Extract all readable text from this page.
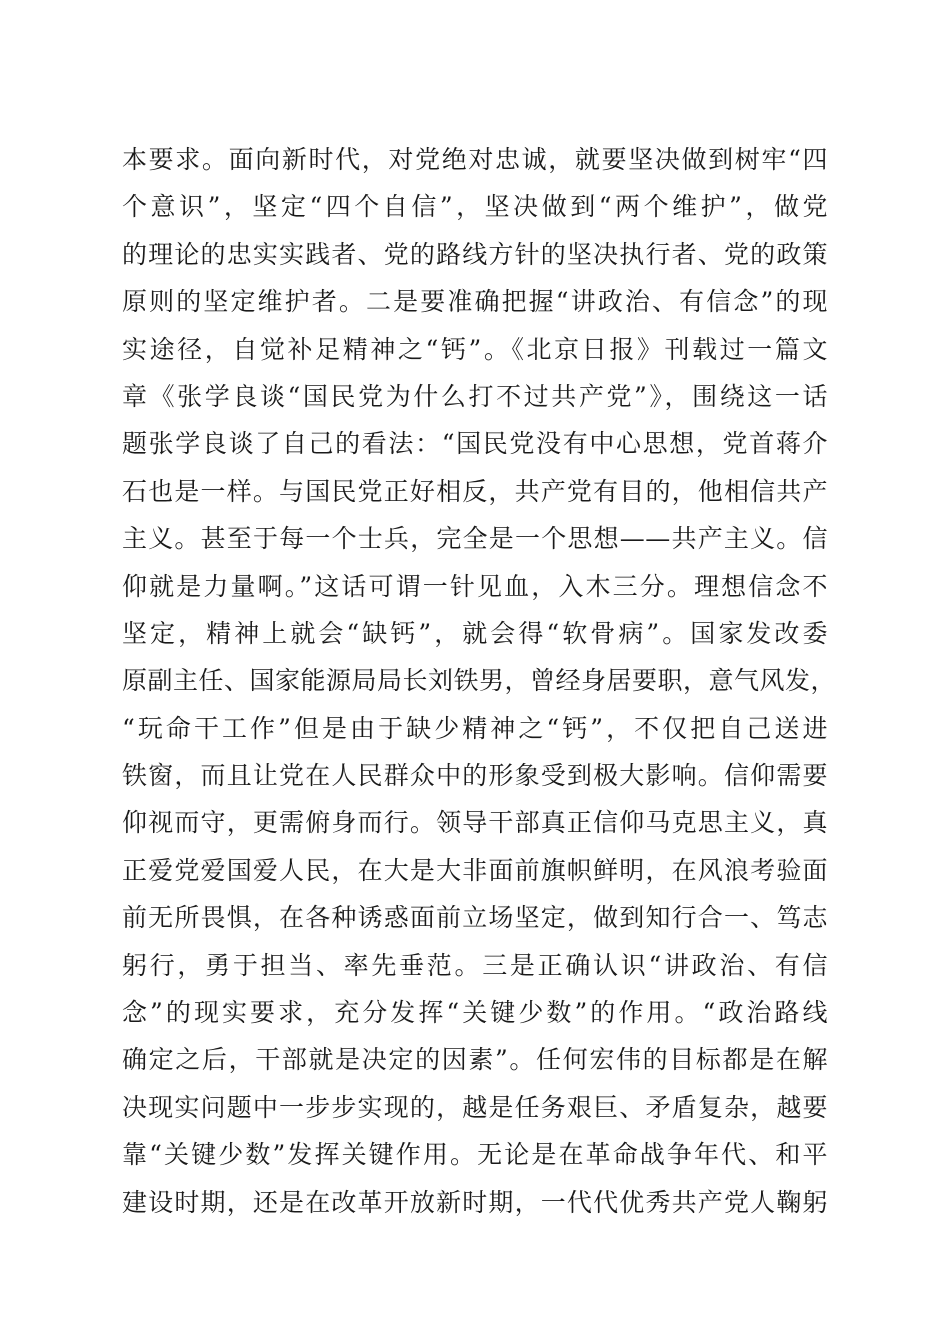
本要求。面向新时代，对党绝对忠诚，就要坚决做到树牢“四
个意识”，坚定“四个自信”，坚决做到“两个维护”，做党
的理论的忠实实践者、党的路线方针的坚决执行者、党的政策
原则的坚定维护者。二是要准确把握“讲政治、有信念”的现
实途径，自觉补足精神之“钙”。《北京日报》刊载过一篇文
章《张学良谈“国民党为什么打不过共产党”》，围绕这一话
题张学良谈了自己的看法：“国民党没有中心思想，党首蒋介
石也是一样。与国民党正好相反，共产党有目的，他相信共产
主义。甚至于每一个士兵，完全是一个思想——共产主义。信
仰就是力量啊。”这话可谓一针见血，入木三分。理想信念不
坚定，精神上就会“缺钙”，就会得“软骨病”。国家发改委
原副主任、国家能源局局长刘铁男，曾经身居要职，意气风发，
“玩命干工作”但是由于缺少精神之“钙”，不仅把自己送进
铁窗，而且让党在人民群众中的形象受到极大影响。信仰需要
仰视而守，更需俯身而行。领导干部真正信仰马克思主义，真
正爱党爱国爱人民，在大是大非面前旗帜鲜明，在风浪考验面
前无所畏惧，在各种诱惑面前立场坚定，做到知行合一、笃志
躬行，勇于担当、率先垂范。三是正确认识“讲政治、有信
念”的现实要求，充分发挥“关键少数”的作用。“政治路线
确定之后，干部就是决定的因素”。任何宏伟的目标都是在解
决现实问题中一步步实现的，越是任务艰巨、矛盾复杂，越要
靠“关键少数”发挥关键作用。无论是在革命战争年代、和平
建设时期，还是在改革开放新时期，一代代优秀共产党人鞠躬
